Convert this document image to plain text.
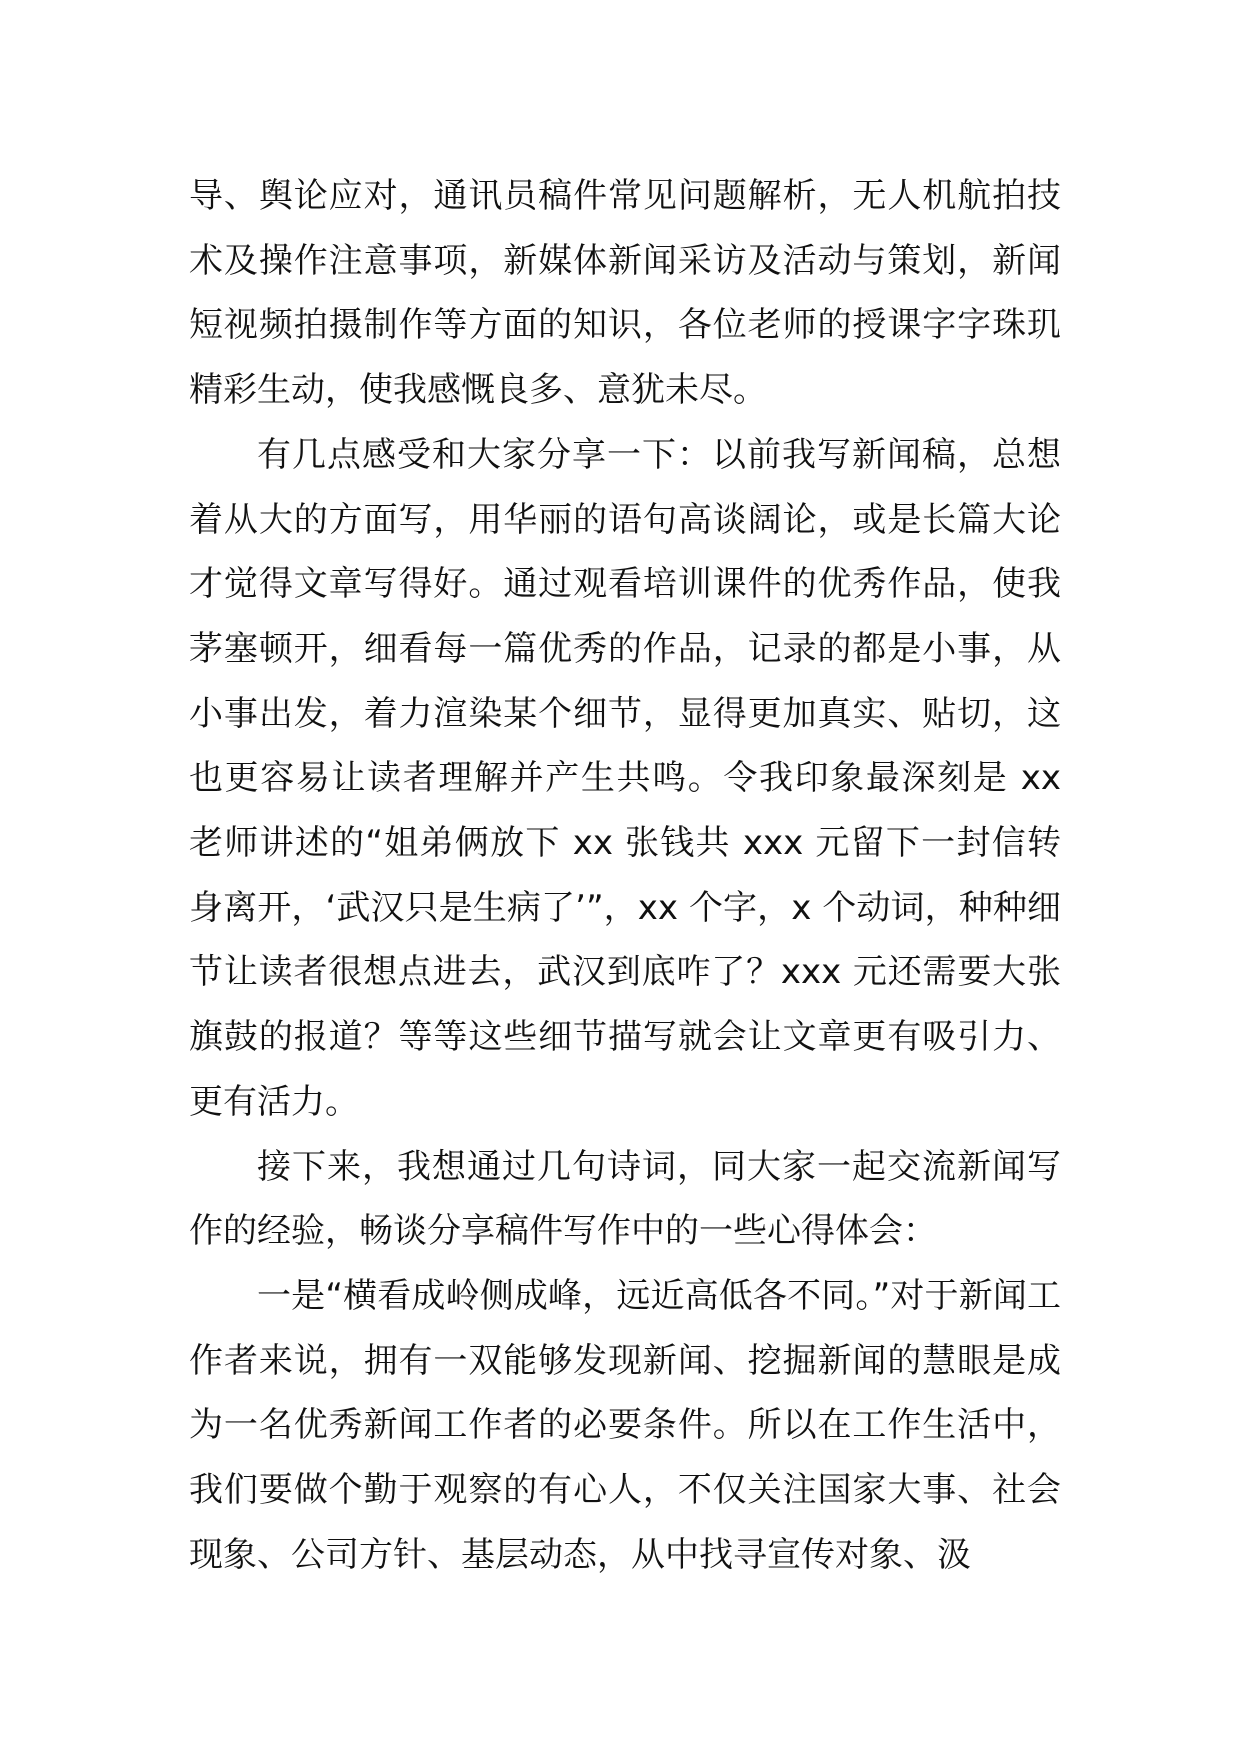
导、舆论应对，通讯员稿件常见问题解析，无人机航拍技术及操作注意事项，新媒体新闻采访及活动与策划，新闻短视频拍摄制作等方面的知识，各位老师的授课字字珠玑精彩生动，使我感慨良多、意犹未尽。

有几点感受和大家分享一下：以前我写新闻稿，总想着从大的方面写，用华丽的语句高谈阔论，或是长篇大论才觉得文章写得好。通过观看培训课件的优秀作品，使我茅塞顿开，细看每一篇优秀的作品，记录的都是小事，从小事出发，着力渲染某个细节，显得更加真实、贴切，这也更容易让读者理解并产生共鸣。令我印象最深刻是 xx 老师讲述的“姐弟俩放下 xx 张钱共 xxx 元留下一封信转身离开，‘武汉只是生病了’”，xx 个字，x 个动词，种种细节让读者很想点进去，武汉到底咋了？xxx 元还需要大张旗鼓的报道？等等这些细节描写就会让文章更有吸引力、更有活力。

接下来，我想通过几句诗词，同大家一起交流新闻写作的经验，畅谈分享稿件写作中的一些心得体会：

一是“横看成岭侧成峰，远近高低各不同。”对于新闻工作者来说，拥有一双能够发现新闻、挖掘新闻的慧眼是成为一名优秀新闻工作者的必要条件。所以在工作生活中，我们要做个勤于观察的有心人，不仅关注国家大事、社会现象、公司方针、基层动态，从中找寻宣传对象、汲
